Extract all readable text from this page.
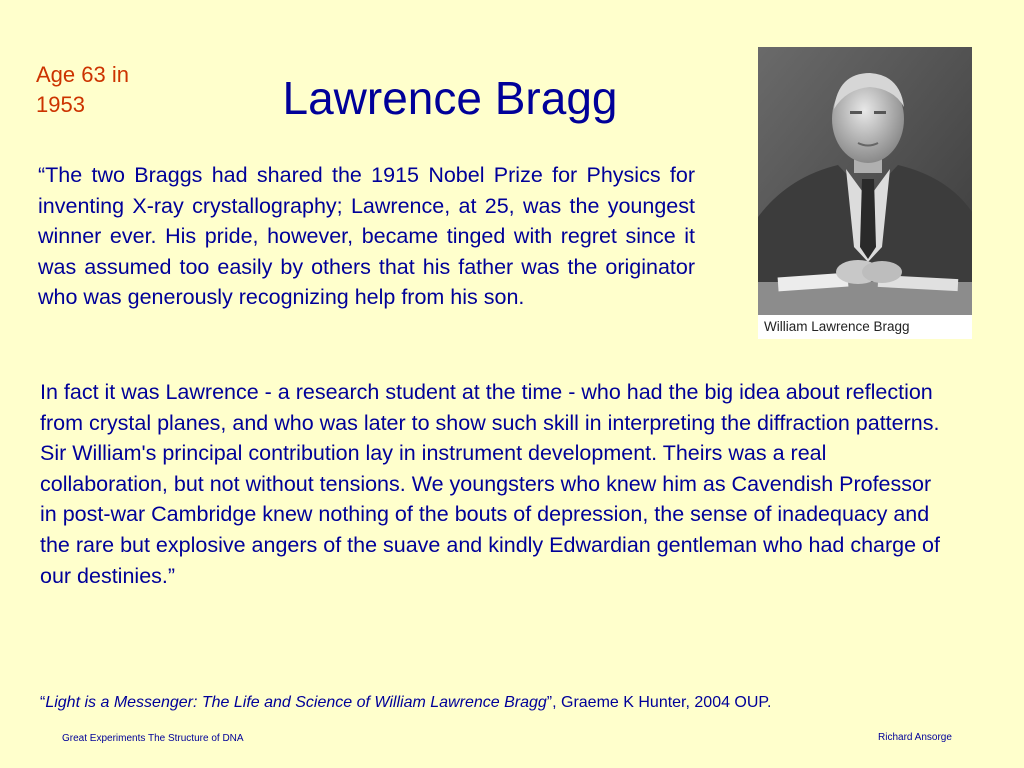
Age 63 in 1953	Lawrence Bragg
“The two Braggs had shared the 1915 Nobel Prize for Physics for inventing X-ray crystallography; Lawrence, at 25, was the youngest winner ever. His pride, however, became tinged with regret since it was assumed too easily by others that his father was the originator who was generously recognizing help from his son.
William Lawrence Bragg
In fact it was Lawrence - a research student at the time - who had the big idea about reflection from crystal planes, and who was later to show such skill in interpreting the diffraction patterns. Sir William's principal contribution lay in instrument development. Theirs was a real collaboration, but not without tensions. We youngsters who knew him as Cavendish Professor in post-war Cambridge knew nothing of the bouts of depression, the sense of inadequacy and the rare but explosive angers of the suave and kindly Edwardian gentleman who had charge of our destinies.”
“Light is a Messenger: The Life and Science of William Lawrence Bragg”, Graeme K Hunter, 2004 OUP.
Great Experiments The Structure of DNA	Richard Ansorge
